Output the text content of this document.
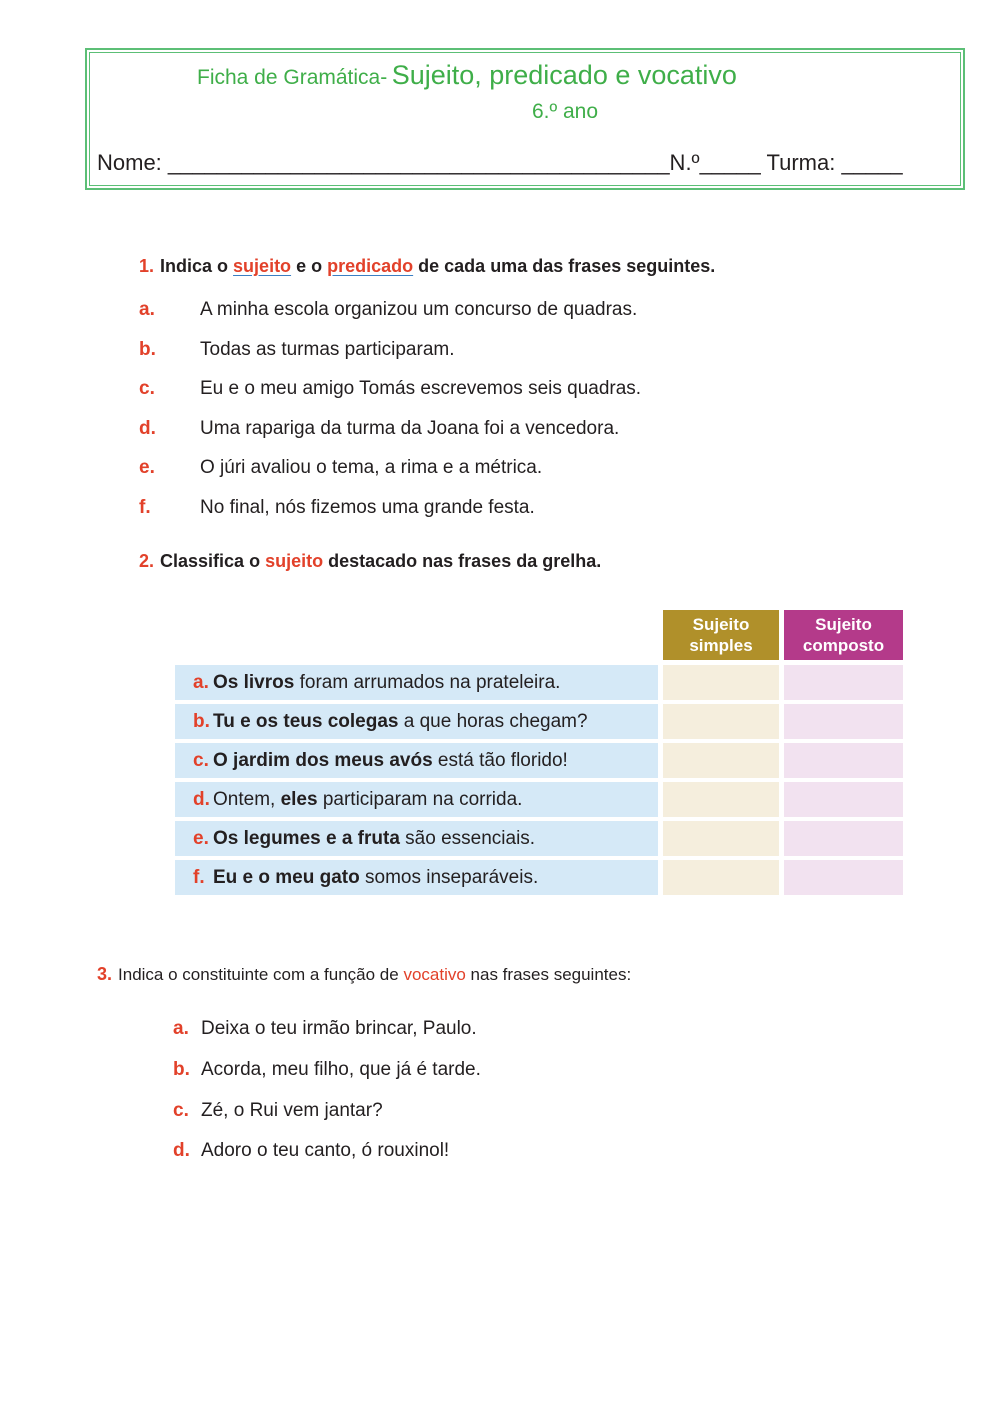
Ficha de Gramática- Sujeito, predicado e vocativo
6.º ano
Nome: _________________________________________N.º_____ Turma: _____
1. Indica o sujeito e o predicado de cada uma das frases seguintes.
a. A minha escola organizou um concurso de quadras.
b. Todas as turmas participaram.
c. Eu e o meu amigo Tomás escrevemos seis quadras.
d. Uma rapariga da turma da Joana foi a vencedora.
e. O júri avaliou o tema, a rima e a métrica.
f.	No final, nós fizemos uma grande festa.
2. Classifica o sujeito destacado nas frases da grelha.
Sujeito
simples
Sujeito
composto
a. Os livros foram arrumados na prateleira.
b. Tu e os teus colegas a que horas chegam?
c. O jardim dos meus avós está tão florido!
d. Ontem, eles participaram na corrida.
e. Os legumes e a fruta são essenciais.
f. Eu e o meu gato somos inseparáveis.
3. Indica o constituinte com a função de vocativo nas frases seguintes:
a. Deixa o teu irmão brincar, Paulo.
b. Acorda, meu filho, que já é tarde.
c. Zé, o Rui vem jantar?
d. Adoro o teu canto, ó rouxinol!
